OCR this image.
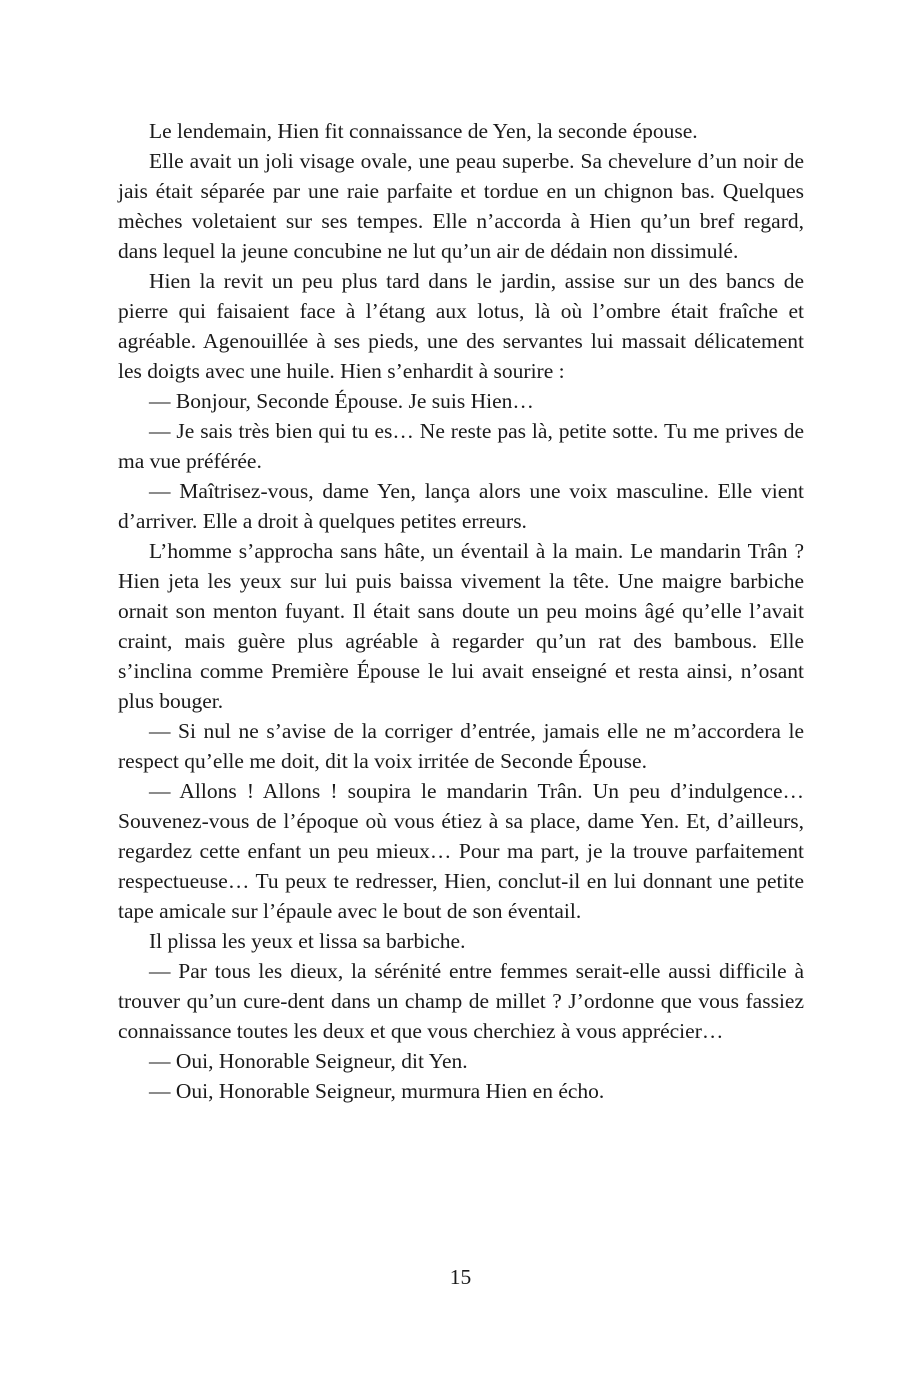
Le lendemain, Hien fit connaissance de Yen, la seconde épouse.

Elle avait un joli visage ovale, une peau superbe. Sa chevelure d’un noir de jais était séparée par une raie parfaite et tordue en un chignon bas. Quelques mèches voletaient sur ses tempes. Elle n’accorda à Hien qu’un bref regard, dans lequel la jeune concubine ne lut qu’un air de dédain non dissimulé.

Hien la revit un peu plus tard dans le jardin, assise sur un des bancs de pierre qui faisaient face à l’étang aux lotus, là où l’ombre était fraîche et agréable. Agenouillée à ses pieds, une des servantes lui massait délicatement les doigts avec une huile. Hien s’enhardit à sourire :

— Bonjour, Seconde Épouse. Je suis Hien…

— Je sais très bien qui tu es… Ne reste pas là, petite sotte. Tu me prives de ma vue préférée.

— Maîtrisez-vous, dame Yen, lança alors une voix masculine. Elle vient d’arriver. Elle a droit à quelques petites erreurs.

L’homme s’approcha sans hâte, un éventail à la main. Le mandarin Trân ? Hien jeta les yeux sur lui puis baissa vivement la tête. Une maigre barbiche ornait son menton fuyant. Il était sans doute un peu moins âgé qu’elle l’avait craint, mais guère plus agréable à regarder qu’un rat des bambous. Elle s’inclina comme Première Épouse le lui avait enseigné et resta ainsi, n’osant plus bouger.

— Si nul ne s’avise de la corriger d’entrée, jamais elle ne m’accordera le respect qu’elle me doit, dit la voix irritée de Seconde Épouse.

— Allons ! Allons ! soupira le mandarin Trân. Un peu d’indulgence… Souvenez-vous de l’époque où vous étiez à sa place, dame Yen. Et, d’ailleurs, regardez cette enfant un peu mieux… Pour ma part, je la trouve parfaitement respectueuse… Tu peux te redresser, Hien, conclut-il en lui donnant une petite tape amicale sur l’épaule avec le bout de son éventail.

Il plissa les yeux et lissa sa barbiche.

— Par tous les dieux, la sérénité entre femmes serait-elle aussi difficile à trouver qu’un cure-dent dans un champ de millet ? J’ordonne que vous fassiez connaissance toutes les deux et que vous cherchiez à vous apprécier…

— Oui, Honorable Seigneur, dit Yen.

— Oui, Honorable Seigneur, murmura Hien en écho.

15
